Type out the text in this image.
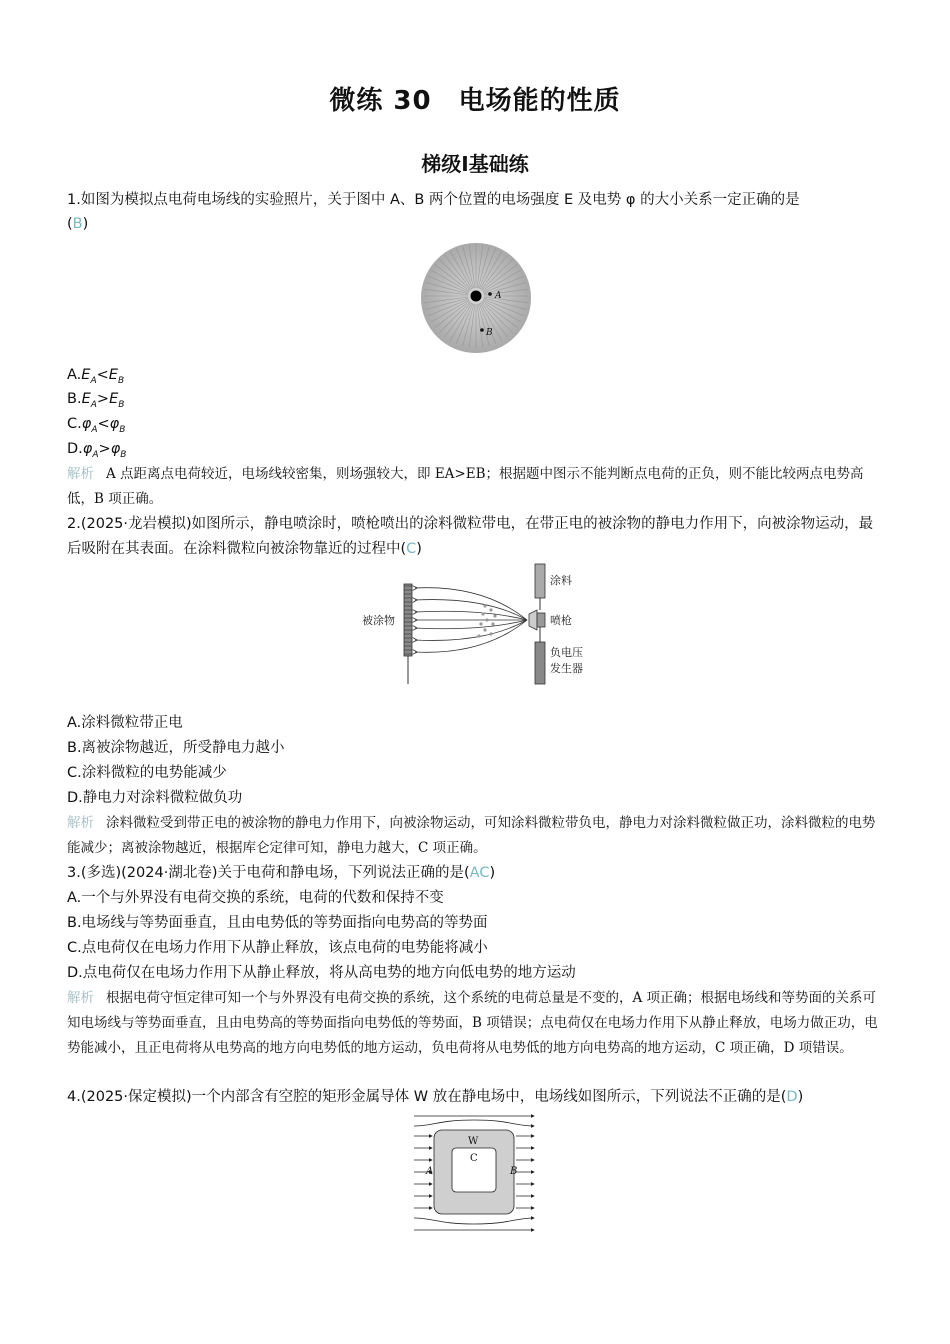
微练 30　电场能的性质
梯级Ⅰ基础练
1.如图为模拟点电荷电场线的实验照片，关于图中 A、B 两个位置的电场强度 E 及电势 φ 的大小关系一定正确的是
(B)
A
B
$A.E_A<E_B$
$B.E_A>E_B$
$C.\varphi_A<\varphi_B$
$D.\varphi_A>\varphi_B$
解析 A 点距离点电荷较近，电场线较密集，则场强较大，即 EA>EB；根据题中图示不能判断点电荷的正负，则不能比较两点电势高低，B 项正确。
2.(2025·龙岩模拟)如图所示，静电喷涂时，喷枪喷出的涂料微粒带电，在带正电的被涂物的静电力作用下，向被涂物运动，最后吸附在其表面。在涂料微粒向被涂物靠近的过程中(C)
被涂物
涂料
喷枪
负电压
发生器
A.涂料微粒带正电
B.离被涂物越近，所受静电力越小
C.涂料微粒的电势能减少
D.静电力对涂料微粒做负功
解析 涂料微粒受到带正电的被涂物的静电力作用下，向被涂物运动，可知涂料微粒带负电，静电力对涂料微粒做正功，涂料微粒的电势能减少；离被涂物越近，根据库仑定律可知，静电力越大，C 项正确。
3.(多选)(2024·湖北卷)关于电荷和静电场，下列说法正确的是(AC)
A.一个与外界没有电荷交换的系统，电荷的代数和保持不变
B.电场线与等势面垂直，且由电势低的等势面指向电势高的等势面
C.点电荷仅在电场力作用下从静止释放，该点电荷的电势能将减小
D.点电荷仅在电场力作用下从静止释放，将从高电势的地方向低电势的地方运动
解析 根据电荷守恒定律可知一个与外界没有电荷交换的系统，这个系统的电荷总量是不变的，A 项正确；根据电场线和等势面的关系可知电场线与等势面垂直，且由电势高的等势面指向电势低的等势面，B 项错误；点电荷仅在电场力作用下从静止释放，电场力做正功，电势能减小，且正电荷将从电势高的地方向电势低的地方运动，负电荷将从电势低的地方向电势高的地方运动，C 项正确，D 项错误。
4.(2025·保定模拟)一个内部含有空腔的矩形金属导体 W 放在静电场中，电场线如图所示，下列说法不正确的是(D)
W
C
A	B
